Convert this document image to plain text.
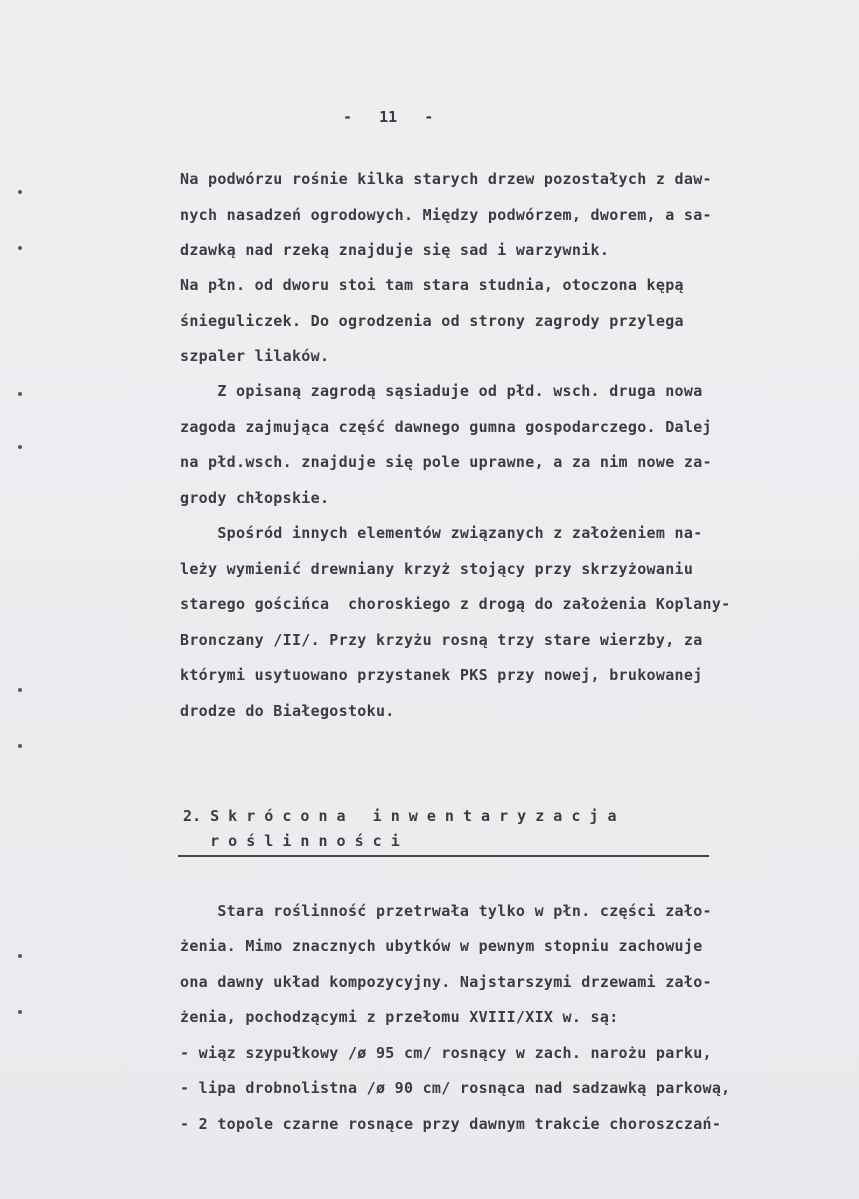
-   11   -
Na podwórzu rośnie kilka starych drzew pozostałych z daw-
nych nasadzeń ogrodowych. Między podwórzem, dworem, a sa-
dzawką nad rzeką znajduje się sad i warzywnik.
Na płn. od dworu stoi tam stara studnia, otoczona kępą
śnieguliczek. Do ogrodzenia od strony zagrody przylega
szpaler lilaków.
Z opisaną zagrodą sąsiaduje od płd. wsch. druga nowa
zagoda zajmująca część dawnego gumna gospodarczego. Dalej
na płd.wsch. znajduje się pole uprawne, a za nim nowe za-
grody chłopskie.
Spośród innych elementów związanych z założeniem na-
leży wymienić drewniany krzyż stojący przy skrzyżowaniu
starego gościńca  choroskiego z drogą do założenia Koplany-
Bronczany /II/. Przy krzyżu rosną trzy stare wierzby, za
którymi usytuowano przystanek PKS przy nowej, brukowanej
drodze do Białegostoku.
2. S k r ó c o n a   i n w e n t a r y z a c j a
r o ś l i n n o ś c i
Stara roślinność przetrwała tylko w płn. części zało-
żenia. Mimo znacznych ubytków w pewnym stopniu zachowuje
ona dawny układ kompozycyjny. Najstarszymi drzewami zało-
żenia, pochodzącymi z przełomu XVIII/XIX w. są:
- wiąz szypułkowy /ø 95 cm/ rosnący w zach. narożu parku,
- lipa drobnolistna /ø 90 cm/ rosnąca nad sadzawką parkową,
- 2 topole czarne rosnące przy dawnym trakcie choroszczań-
